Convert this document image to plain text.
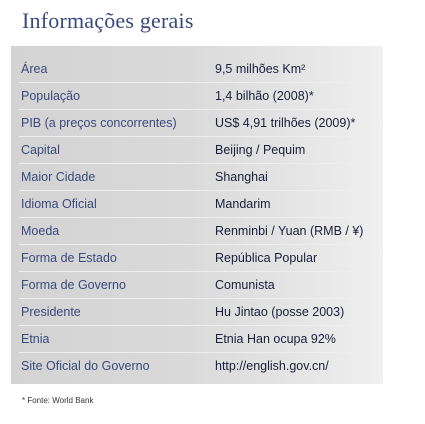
Informações gerais
Área	9,5 milhões Km²
População	1,4 bilhão (2008)*
PIB (a preços concorrentes)	US$ 4,91 trilhões (2009)*
Capital	Beijing / Pequim
Maior Cidade	Shanghai
Idioma Oficial	Mandarim
Moeda	Renminbi / Yuan (RMB / ¥)
Forma de Estado	República Popular
Forma de Governo	Comunista
Presidente	Hu Jintao (posse 2003)
Etnia	Etnia Han ocupa 92%
Site Oficial do Governo	http://english.gov.cn/
* Fonte: World Bank
